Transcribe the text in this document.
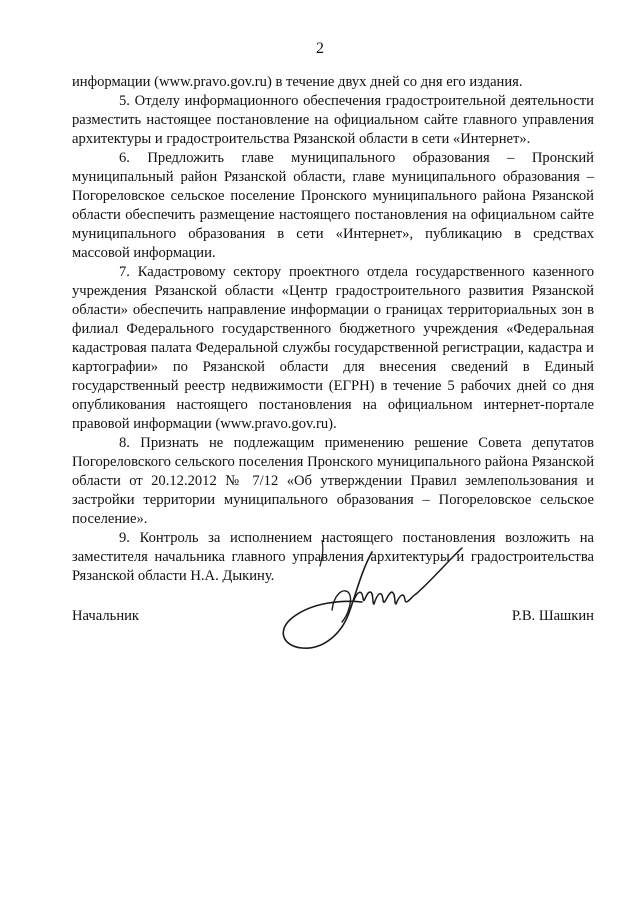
2

информации (www.pravo.gov.ru) в течение двух дней со дня его издания.

5. Отделу информационного обеспечения градостроительной деятельности разместить настоящее постановление на официальном сайте главного управления архитектуры и градостроительства Рязанской области в сети «Интернет».

6. Предложить главе муниципального образования – Пронский муниципальный район Рязанской области, главе муниципального образования – Погореловское сельское поселение Пронского муниципального района Рязанской области обеспечить размещение настоящего постановления на официальном сайте муниципального образования в сети «Интернет», публикацию в средствах массовой информации.

7. Кадастровому сектору проектного отдела государственного казенного учреждения Рязанской области «Центр градостроительного развития Рязанской области» обеспечить направление информации о границах территориальных зон в филиал Федерального государственного бюджетного учреждения «Федеральная кадастровая палата Федеральной службы государственной регистрации, кадастра и картографии» по Рязанской области для внесения сведений в Единый государственный реестр недвижимости (ЕГРН) в течение 5 рабочих дней со дня опубликования настоящего постановления на официальном интернет-портале правовой информации (www.pravo.gov.ru).

8. Признать не подлежащим применению решение Совета депутатов Погореловского сельского поселения Пронского муниципального района Рязанской области от 20.12.2012 № 7/12 «Об утверждении Правил землепользования и застройки территории муниципального образования – Погореловское сельское поселение».

9. Контроль за исполнением настоящего постановления возложить на заместителя начальника главного управления архитектуры и градостроительства Рязанской области Н.А. Дыкину.

Начальник	Р.В. Шашкин
